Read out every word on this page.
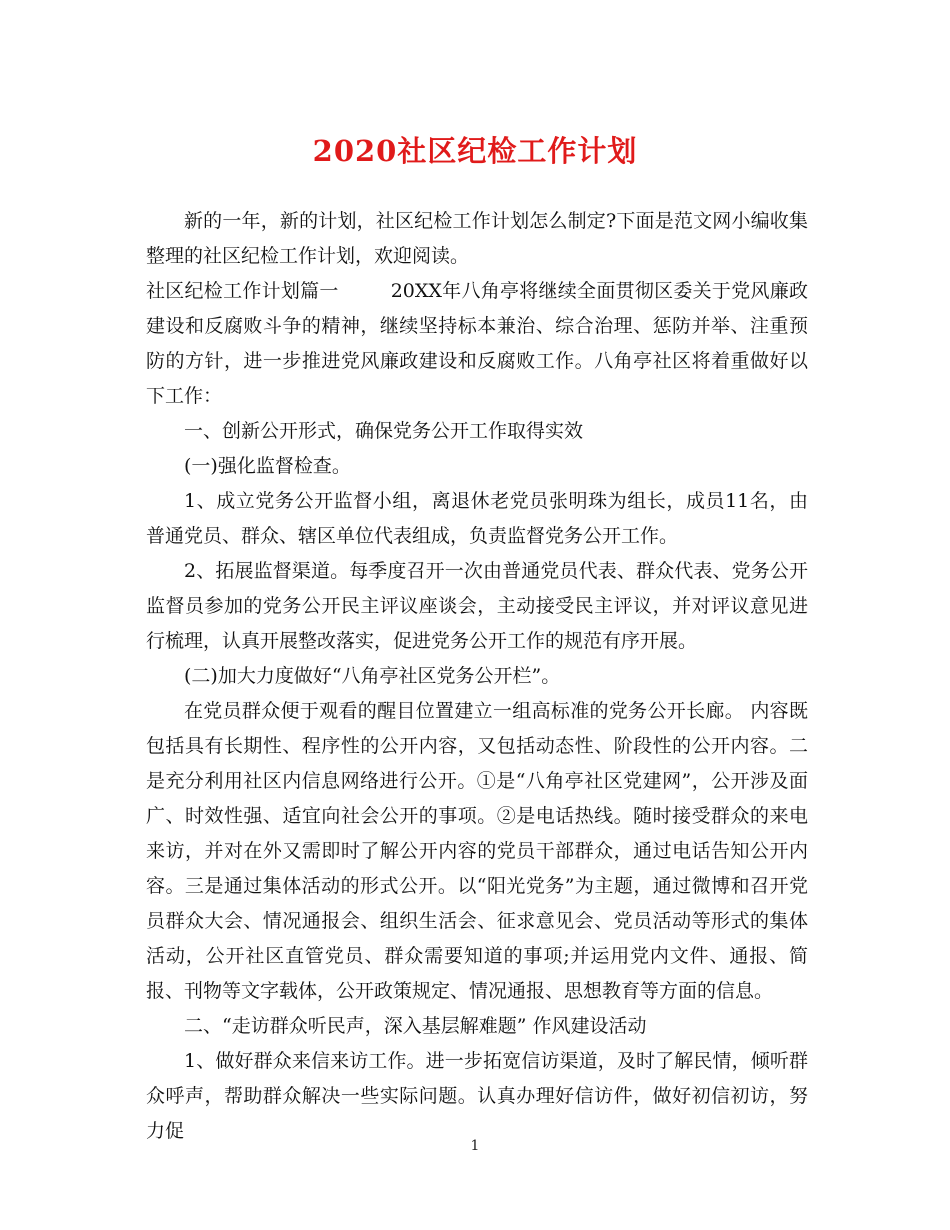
2020社区纪检工作计划

新的一年，新的计划，社区纪检工作计划怎么制定?下面是范文网小编收集整理的社区纪检工作计划，欢迎阅读。

社区纪检工作计划篇一	20XX年八角亭将继续全面贯彻区委关于党风廉政建设和反腐败斗争的精神，继续坚持标本兼治、综合治理、惩防并举、注重预防的方针，进一步推进党风廉政建设和反腐败工作。八角亭社区将着重做好以下工作：

一、创新公开形式，确保党务公开工作取得实效

(一)强化监督检查。

1、成立党务公开监督小组，离退休老党员张明珠为组长，成员11名，由普通党员、群众、辖区单位代表组成，负责监督党务公开工作。

2、拓展监督渠道。每季度召开一次由普通党员代表、群众代表、党务公开监督员参加的党务公开民主评议座谈会，主动接受民主评议，并对评议意见进行梳理，认真开展整改落实，促进党务公开工作的规范有序开展。

(二)加大力度做好“八角亭社区党务公开栏”。

在党员群众便于观看的醒目位置建立一组高标准的党务公开长廊。 内容既包括具有长期性、程序性的公开内容，又包括动态性、阶段性的公开内容。二是充分利用社区内信息网络进行公开。①是“八角亭社区党建网”，公开涉及面广、时效性强、适宜向社会公开的事项。②是电话热线。随时接受群众的来电来访，并对在外又需即时了解公开内容的党员干部群众，通过电话告知公开内容。三是通过集体活动的形式公开。以“阳光党务”为主题，通过微博和召开党员群众大会、情况通报会、组织生活会、征求意见会、党员活动等形式的集体活动，公开社区直管党员、群众需要知道的事项;并运用党内文件、通报、简报、刊物等文字载体，公开政策规定、情况通报、思想教育等方面的信息。

二、“走访群众听民声，深入基层解难题” 作风建设活动

1、做好群众来信来访工作。进一步拓宽信访渠道，及时了解民情，倾听群众呼声，帮助群众解决一些实际问题。认真办理好信访件，做好初信初访，努力促

1
